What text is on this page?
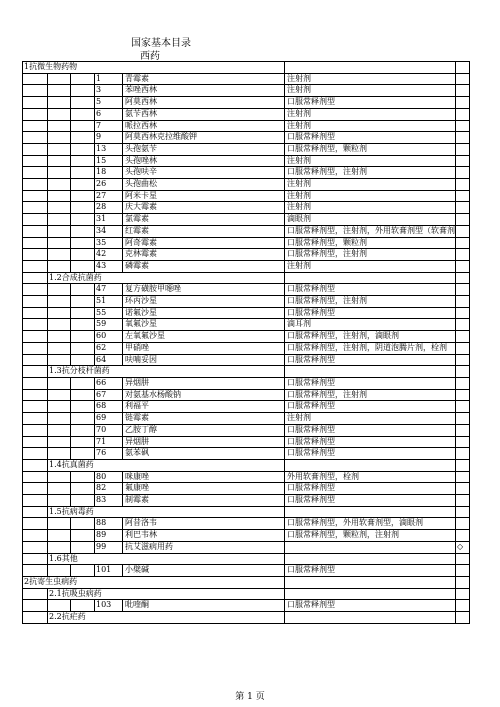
国家基本目录
西药
1抗微生物药物						
			1	青霉素	注射剂	
			3	苯唑西林	注射剂	
			5	阿莫西林	口服常释剂型	
			6	氨苄西林	注射剂	
			7	哌拉西林	注射剂	
			9	阿莫西林克拉维酸钾	口服常释剂型	
			13	头孢氨苄	口服常释剂型，颗粒剂	
			15	头孢唑林	注射剂	
			18	头孢呋辛	口服常释剂型，注射剂	
			26	头孢曲松	注射剂	
			27	阿米卡星	注射剂	
			28	庆大霉素	注射剂	
			31	氯霉素	滴眼剂	
			34	红霉素	口服常释剂型，注射剂，外用软膏剂型（软膏剂	
			35	阿奇霉素	口服常释剂型，颗粒剂	
			42	克林霉素	口服常释剂型，注射剂	
			43	磷霉素	注射剂	
	1.2合成抗菌药					
			47	复方磺胺甲噁唑	口服常释剂型	
			51	环丙沙星	口服常释剂型，注射剂	
			55	诺氟沙星	口服常释剂型	
			59	氧氟沙星	滴耳剂	
			60	左氧氟沙星	口服常释剂型，注射剂，滴眼剂	
			62	甲硝唑	口服常释剂型，注射剂，阴道泡腾片剂，栓剂	
			64	呋喃妥因	口服常释剂型	
	1.3抗分枝杆菌药					
			66	异烟肼	口服常释剂型	
			67	对氨基水杨酸钠	口服常释剂型，注射剂	
			68	利福平	口服常释剂型	
			69	链霉素	注射剂	
			70	乙胺丁醇	口服常释剂型	
			71	异烟肼	口服常释剂型	
			76	氨苯砜	口服常释剂型	
	1.4抗真菌药					
			80	咪康唑	外用软膏剂型，栓剂	
			82	氟康唑	口服常释剂型	
			83	制霉素	口服常释剂型	
	1.5抗病毒药					
			88	阿昔洛韦	口服常释剂型，外用软膏剂型，滴眼剂	
			89	利巴韦林	口服常释剂型，颗粒剂，注射剂	
			99	抗艾滋病用药		◇
	1.6其他					
			101	小檗碱	口服常释剂型	
2抗寄生虫病药						
	2.1抗吸虫病药					
			103	吡喹酮	口服常释剂型	
	2.2抗疟药					
第 1 页
